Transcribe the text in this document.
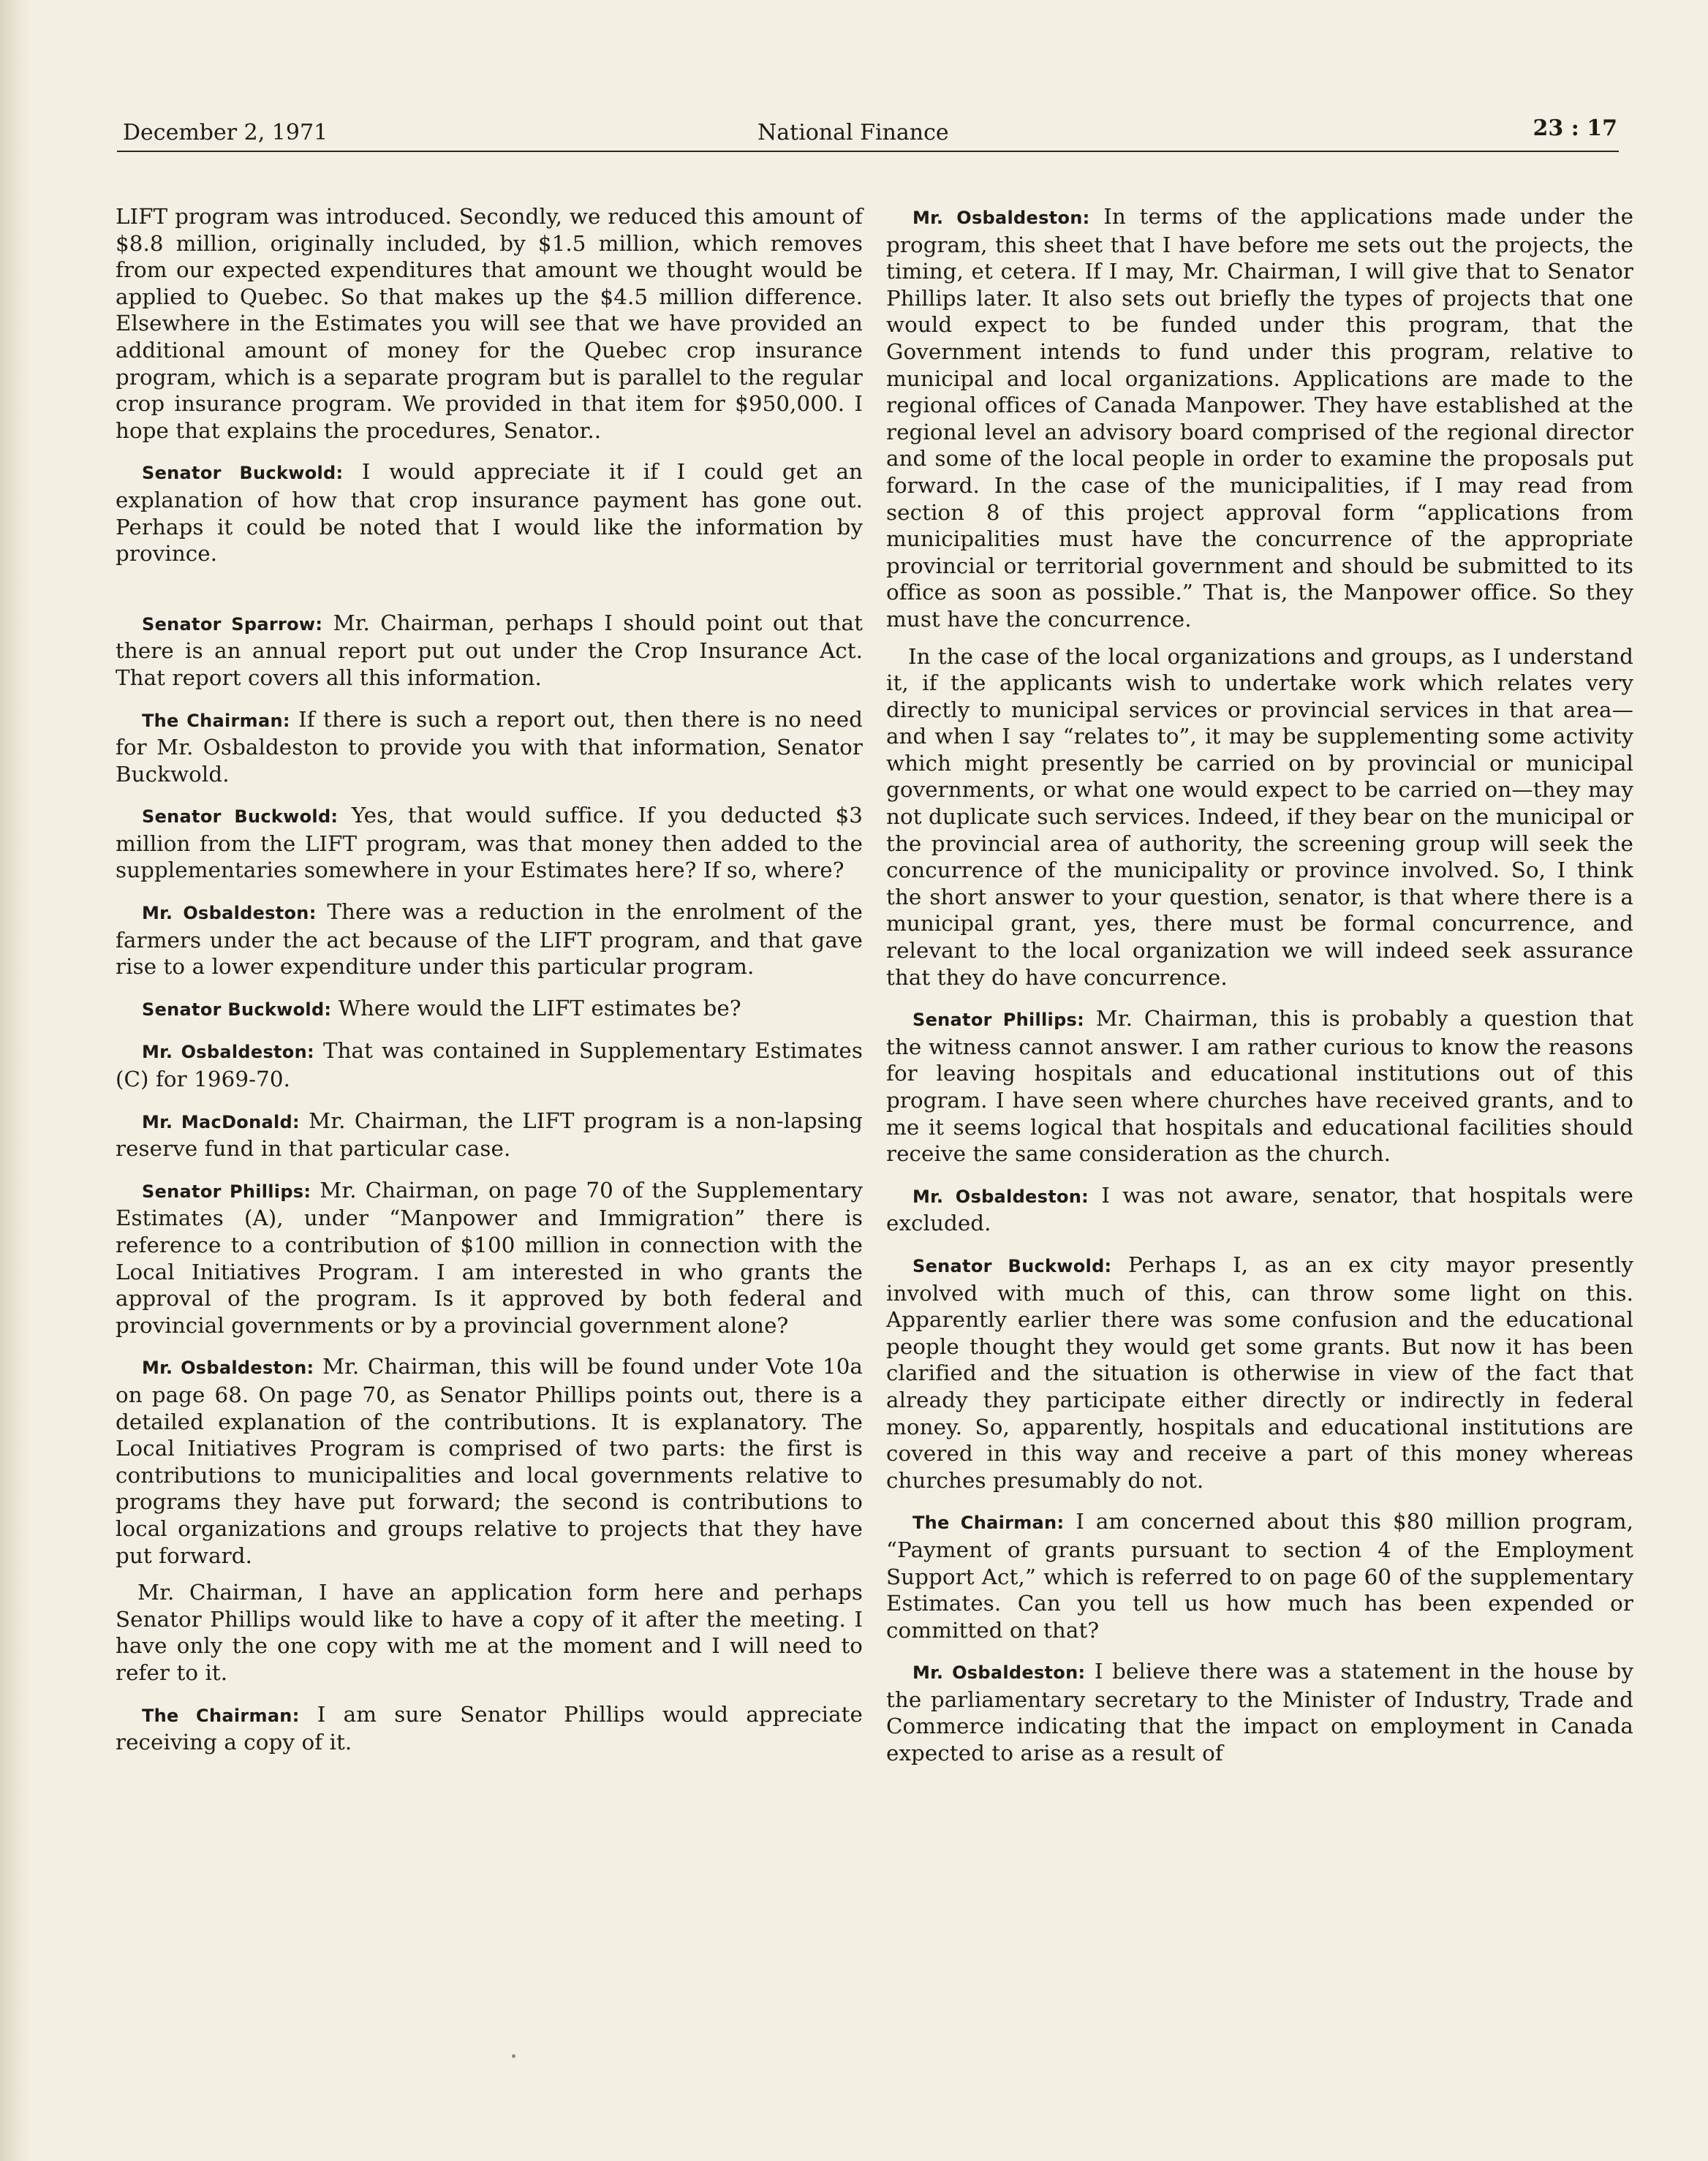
December 2, 1971	National Finance	23 : 17

LIFT program was introduced. Secondly, we reduced this amount of $8.8 million, originally included, by $1.5 million, which removes from our expected expenditures that amount we thought would be applied to Quebec. So that makes up the $4.5 million difference. Elsewhere in the Estimates you will see that we have provided an additional amount of money for the Quebec crop insurance program, which is a separate program but is parallel to the regular crop insurance program. We provided in that item for $950,000. I hope that explains the procedures, Senator..

Senator Buckwold: I would appreciate it if I could get an explanation of how that crop insurance payment has gone out. Perhaps it could be noted that I would like the information by province.

Senator Sparrow: Mr. Chairman, perhaps I should point out that there is an annual report put out under the Crop Insurance Act. That report covers all this information.

The Chairman: If there is such a report out, then there is no need for Mr. Osbaldeston to provide you with that information, Senator Buckwold.

Senator Buckwold: Yes, that would suffice. If you deducted $3 million from the LIFT program, was that money then added to the supplementaries somewhere in your Estimates here? If so, where?

Mr. Osbaldeston: There was a reduction in the enrolment of the farmers under the act because of the LIFT program, and that gave rise to a lower expenditure under this particular program.

Senator Buckwold: Where would the LIFT estimates be?

Mr. Osbaldeston: That was contained in Supplementary Estimates (C) for 1969-70.

Mr. MacDonald: Mr. Chairman, the LIFT program is a non-lapsing reserve fund in that particular case.

Senator Phillips: Mr. Chairman, on page 70 of the Supplementary Estimates (A), under “Manpower and Immigration” there is reference to a contribution of $100 million in connection with the Local Initiatives Program. I am interested in who grants the approval of the program. Is it approved by both federal and provincial governments or by a provincial government alone?

Mr. Osbaldeston: Mr. Chairman, this will be found under Vote 10a on page 68. On page 70, as Senator Phillips points out, there is a detailed explanation of the contributions. It is explanatory. The Local Initiatives Program is comprised of two parts: the first is contributions to municipalities and local governments relative to programs they have put forward; the second is contributions to local organizations and groups relative to projects that they have put forward.

Mr. Chairman, I have an application form here and perhaps Senator Phillips would like to have a copy of it after the meeting. I have only the one copy with me at the moment and I will need to refer to it.

The Chairman: I am sure Senator Phillips would appreciate receiving a copy of it.

Mr. Osbaldeston: In terms of the applications made under the program, this sheet that I have before me sets out the projects, the timing, et cetera. If I may, Mr. Chairman, I will give that to Senator Phillips later. It also sets out briefly the types of projects that one would expect to be funded under this program, that the Government intends to fund under this program, relative to municipal and local organizations. Applications are made to the regional offices of Canada Manpower. They have established at the regional level an advisory board comprised of the regional director and some of the local people in order to examine the proposals put forward. In the case of the municipalities, if I may read from section 8 of this project approval form “applications from municipalities must have the concurrence of the appropriate provincial or territorial government and should be submitted to its office as soon as possible.” That is, the Manpower office. So they must have the concurrence.

In the case of the local organizations and groups, as I understand it, if the applicants wish to undertake work which relates very directly to municipal services or provincial services in that area—and when I say “relates to”, it may be supplementing some activity which might presently be carried on by provincial or municipal governments, or what one would expect to be carried on—they may not duplicate such services. Indeed, if they bear on the municipal or the provincial area of authority, the screening group will seek the concurrence of the municipality or province involved. So, I think the short answer to your question, senator, is that where there is a municipal grant, yes, there must be formal concurrence, and relevant to the local organization we will indeed seek assurance that they do have concurrence.

Senator Phillips: Mr. Chairman, this is probably a question that the witness cannot answer. I am rather curious to know the reasons for leaving hospitals and educational institutions out of this program. I have seen where churches have received grants, and to me it seems logical that hospitals and educational facilities should receive the same consideration as the church.

Mr. Osbaldeston: I was not aware, senator, that hospitals were excluded.

Senator Buckwold: Perhaps I, as an ex city mayor presently involved with much of this, can throw some light on this. Apparently earlier there was some confusion and the educational people thought they would get some grants. But now it has been clarified and the situation is otherwise in view of the fact that already they participate either directly or indirectly in federal money. So, apparently, hospitals and educational institutions are covered in this way and receive a part of this money whereas churches presumably do not.

The Chairman: I am concerned about this $80 million program, “Payment of grants pursuant to section 4 of the Employment Support Act,” which is referred to on page 60 of the supplementary Estimates. Can you tell us how much has been expended or committed on that?

Mr. Osbaldeston: I believe there was a statement in the house by the parliamentary secretary to the Minister of Industry, Trade and Commerce indicating that the impact on employment in Canada expected to arise as a result of
